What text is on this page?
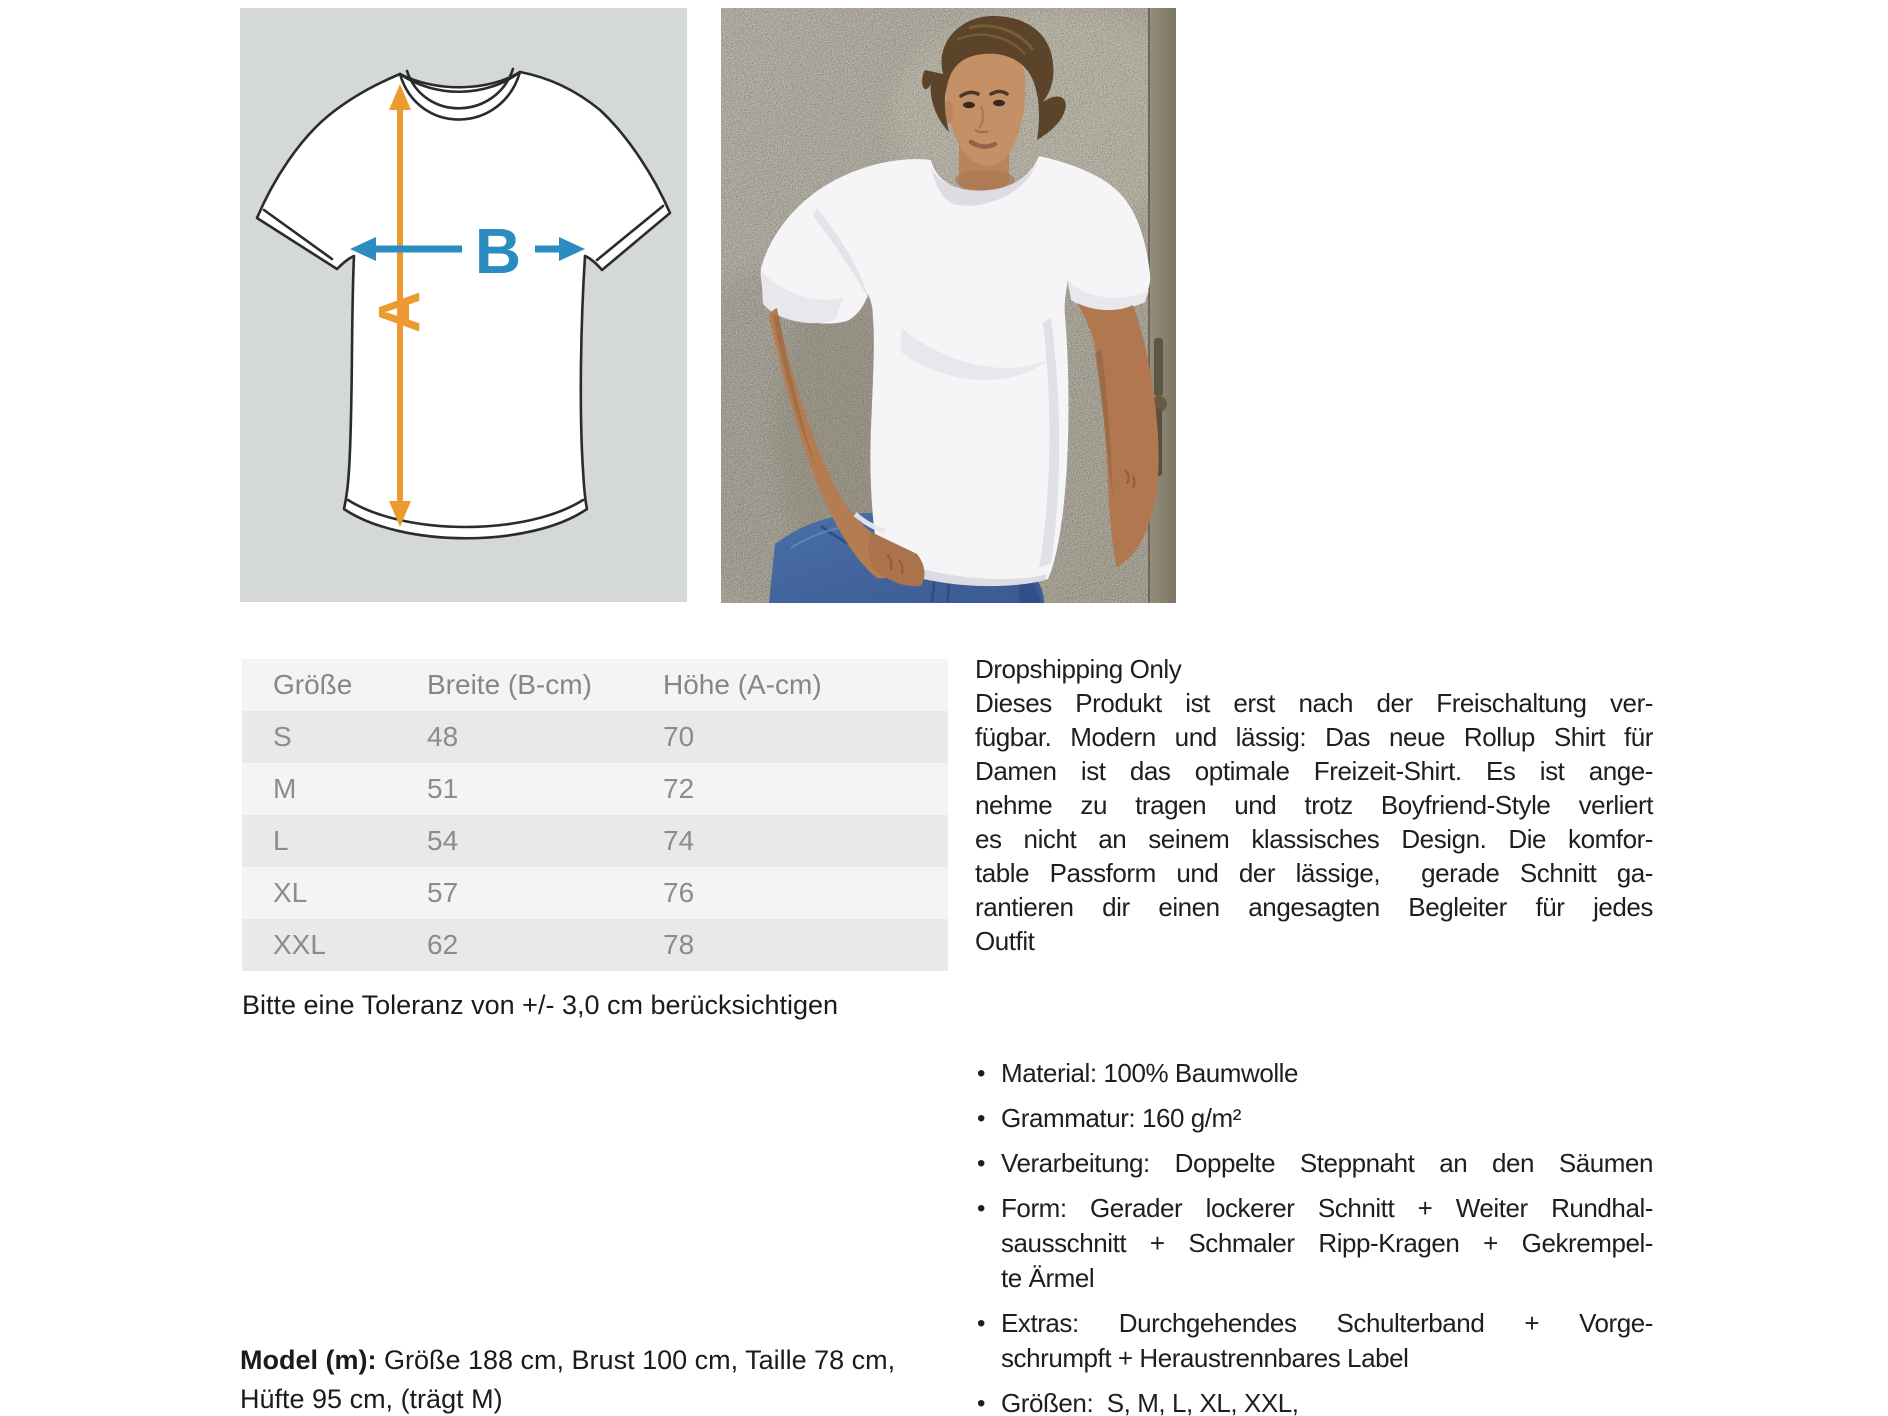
A
B
Größe	Breite (B-cm)	Höhe (A-cm)
S	48	70
M	51	72
L	54	74
XL	57	76
XXL	62	78
Bitte eine Toleranz von +/- 3,0 cm berücksichtigen
Model (m): Größe 188 cm, Brust 100 cm, Taille 78 cm,
Hüfte 95 cm, (trägt M)
Dropshipping Only
Dieses Produkt ist erst nach der Freischaltung ver-
fügbar. Modern und lässig: Das neue Rollup Shirt für
Damen ist das optimale Freizeit-Shirt. Es ist ange-
nehme zu tragen und trotz Boyfriend-Style verliert
es nicht an seinem klassisches Design. Die komfor-
table Passform und der lässige,  gerade Schnitt ga-
rantieren dir einen angesagten Begleiter für jedes
Outfit
• Material: 100% Baumwolle
• Grammatur: 160 g/m²
• Verarbeitung: Doppelte Steppnaht an den Säumen
• Form: Gerader lockerer Schnitt + Weiter Rundhal-
sausschnitt + Schmaler Ripp-Kragen + Gekrempel-
te Ärmel
• Extras: Durchgehendes Schulterband + Vorge-
schrumpft + Heraustrennbares Label
• Größen:  S, M, L, XL, XXL,
